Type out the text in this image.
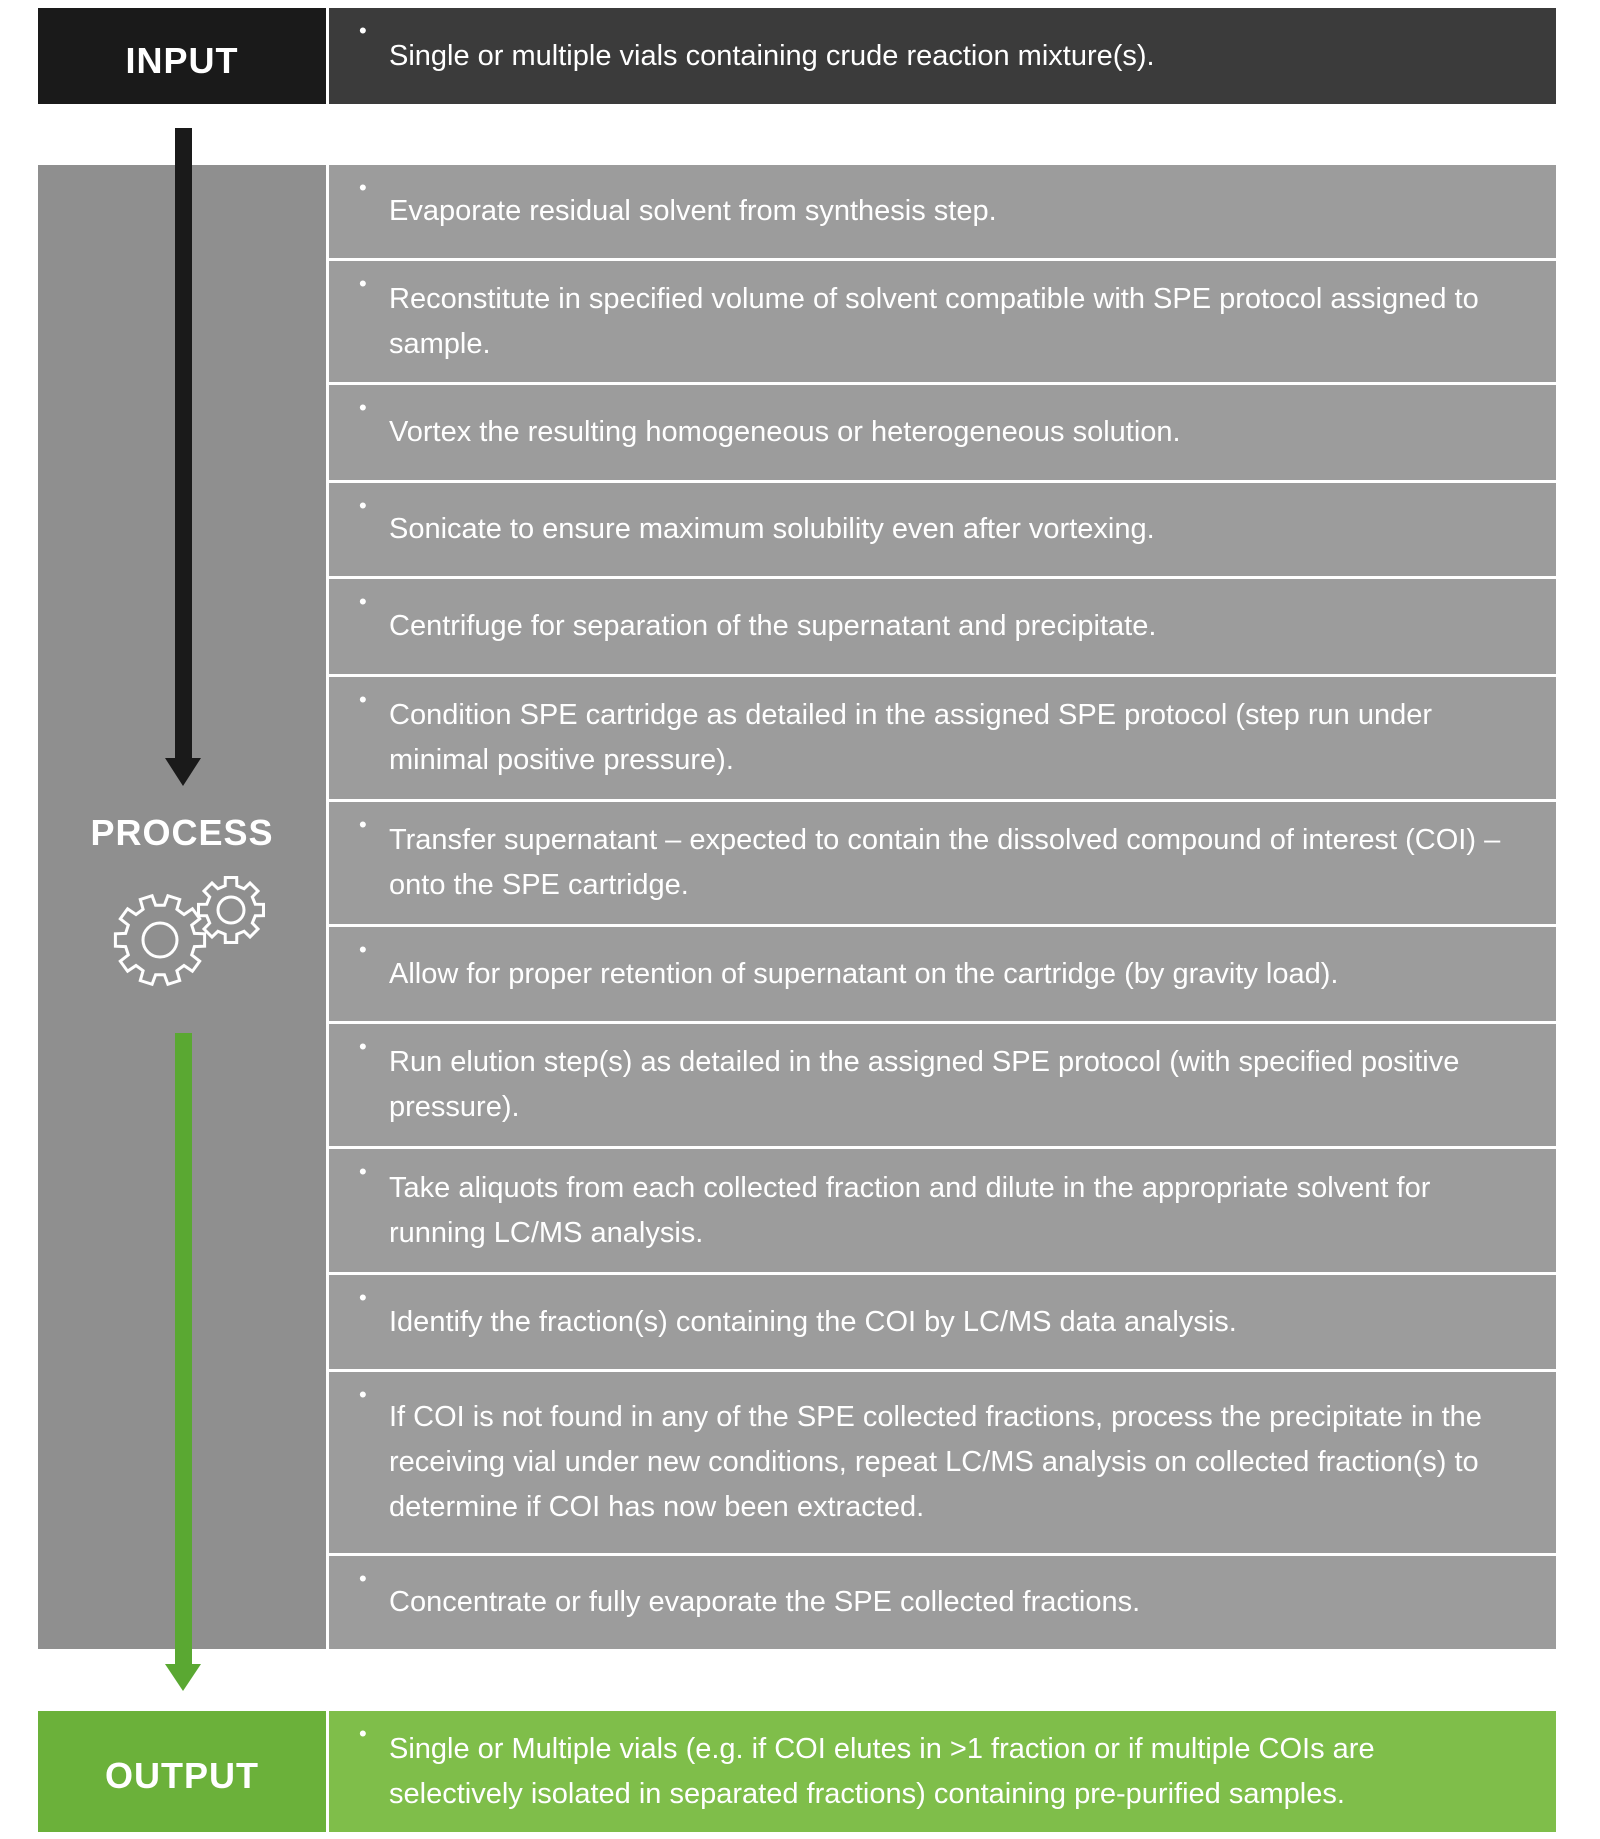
INPUT
•
Single or multiple vials containing crude reaction mixture(s).
PROCESS
•
Evaporate residual solvent from synthesis step.
• Reconstitute in specified volume of solvent compatible with SPE protocol assigned to sample.
•
Vortex the resulting homogeneous or heterogeneous solution.
•
Sonicate to ensure maximum solubility even after vortexing.
•
Centrifuge for separation of the supernatant and precipitate.
• Condition SPE cartridge as detailed in the assigned SPE protocol (step run under minimal positive pressure).
• Transfer supernatant – expected to contain the dissolved compound of interest (COI) – onto the SPE cartridge.
•
Allow for proper retention of supernatant on the cartridge (by gravity load).
• Run elution step(s) as detailed in the assigned SPE protocol (with specified positive pressure).
• Take aliquots from each collected fraction and dilute in the appropriate solvent for running LC/MS analysis.
•
Identify the fraction(s) containing the COI by LC/MS data analysis.
•
If COI is not found in any of the SPE collected fractions, process the precipitate in the receiving vial under new conditions, repeat LC/MS analysis on collected fraction(s) to determine if COI has now been extracted.
•
Concentrate or fully evaporate the SPE collected fractions.
OUTPUT
• Single or Multiple vials (e.g. if COI elutes in >1 fraction or if multiple COIs are selectively isolated in separated fractions) containing pre-purified samples.
